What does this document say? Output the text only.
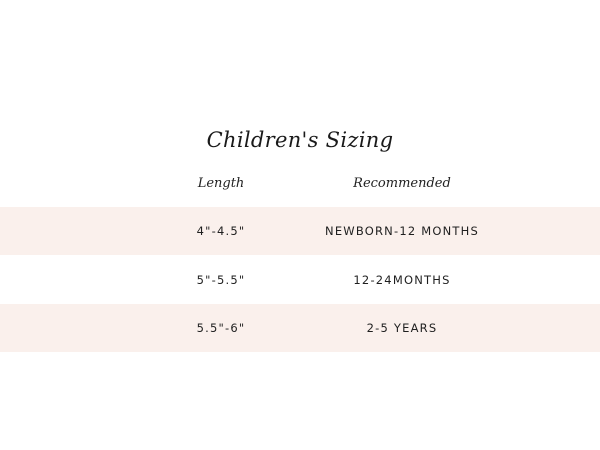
Children's Sizing
Length	Recommended
4"-4.5"	NEWBORN-12 MONTHS
5"-5.5"	12-24MONTHS
5.5"-6"	2-5 YEARS
